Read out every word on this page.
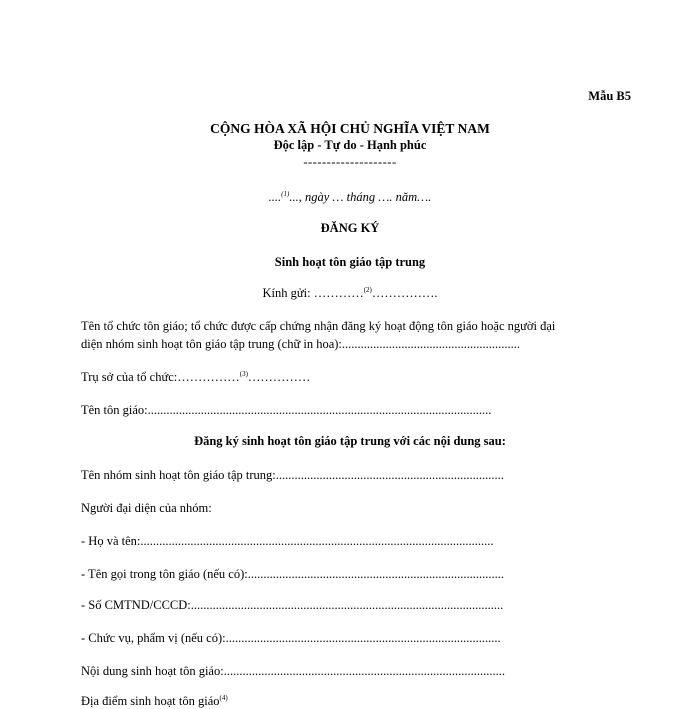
Mẫu B5
CỘNG HÒA XÃ HỘI CHỦ NGHĨA VIỆT NAM
Độc lập - Tự do - Hạnh phúc
--------------------
....$^{(1)}$..., ngày … tháng …. năm….
ĐĂNG KÝ
Sinh hoạt tôn giáo tập trung
Kính gửi: …………$^{(2)}$…………….
Tên tổ chức tôn giáo; tổ chức được cấp chứng nhận đăng ký hoạt động tôn giáo hoặc người đại
diện nhóm sinh hoạt tôn giáo tập trung (chữ in hoa):.........................................................
Trụ sở của tổ chức:……………$^{(3)}$……………
Tên tôn giáo:..............................................................................................................
Đăng ký sinh hoạt tôn giáo tập trung với các nội dung sau:
Tên nhóm sinh hoạt tôn giáo tập trung:.........................................................................
Người đại diện của nhóm:
- Họ và tên:.................................................................................................................
- Tên gọi trong tôn giáo (nếu có):..................................................................................
- Số CMTND/CCCD:....................................................................................................
- Chức vụ, phẩm vị (nếu có):........................................................................................
Nội dung sinh hoạt tôn giáo:..........................................................................................
Địa điểm sinh hoạt tôn giáo$^{(4)}$
